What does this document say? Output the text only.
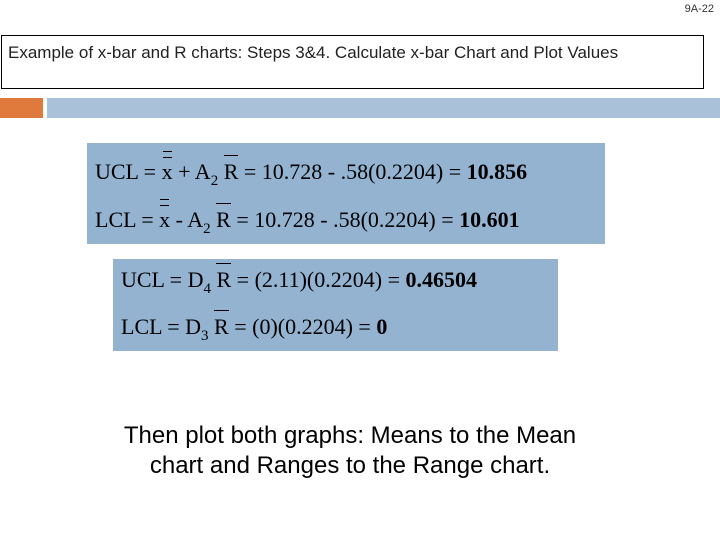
9A-22
Example of x-bar and R charts: Steps 3&4. Calculate x-bar Chart and Plot Values
UCL = $x + A_2$ R = 10.728 - .58(0.2204) = 10.856
LCL = x - $A_2$ R = 10.728 - .58(0.2204) = 10.601
UCL = $D_4$ R = (2.11)(0.2204) = 0.46504
LCL = $D_3$ R = (0)(0.2204) = 0
Then plot both graphs: Means to the Mean chart and Ranges to the Range chart.
